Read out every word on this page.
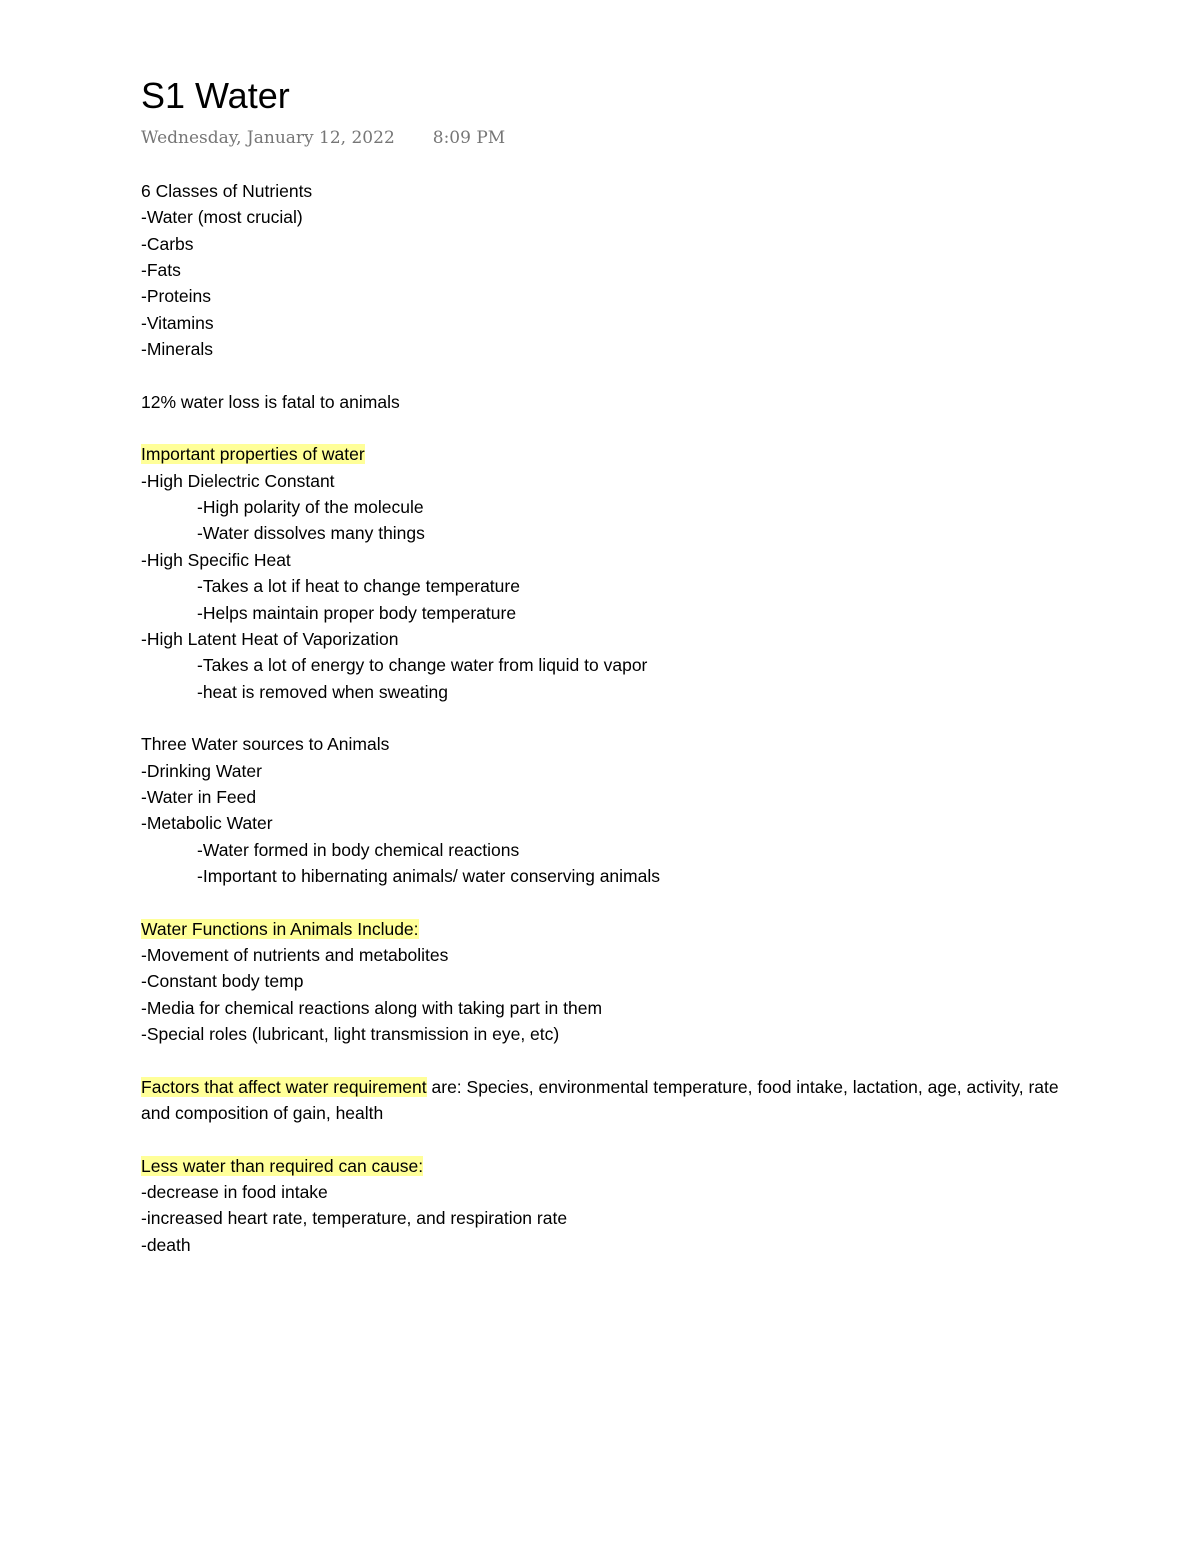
S1 Water
Wednesday, January 12, 2022 8:09 PM
6 Classes of Nutrients
-Water (most crucial)
-Carbs
-Fats
-Proteins
-Vitamins
-Minerals
12% water loss is fatal to animals
Important properties of water
-High Dielectric Constant
-High polarity of the molecule
-Water dissolves many things
-High Specific Heat
-Takes a lot if heat to change temperature
-Helps maintain proper body temperature
-High Latent Heat of Vaporization
-Takes a lot of energy to change water from liquid to vapor
-heat is removed when sweating
Three Water sources to Animals
-Drinking Water
-Water in Feed
-Metabolic Water
-Water formed in body chemical reactions
-Important to hibernating animals/ water conserving animals
Water Functions in Animals Include:
-Movement of nutrients and metabolites
-Constant body temp
-Media for chemical reactions along with taking part in them
-Special roles (lubricant, light transmission in eye, etc)
Factors that affect water requirement are: Species, environmental temperature, food intake, lactation, age, activity, rate and composition of gain, health
Less water than required can cause:
-decrease in food intake
-increased heart rate, temperature, and respiration rate
-death
